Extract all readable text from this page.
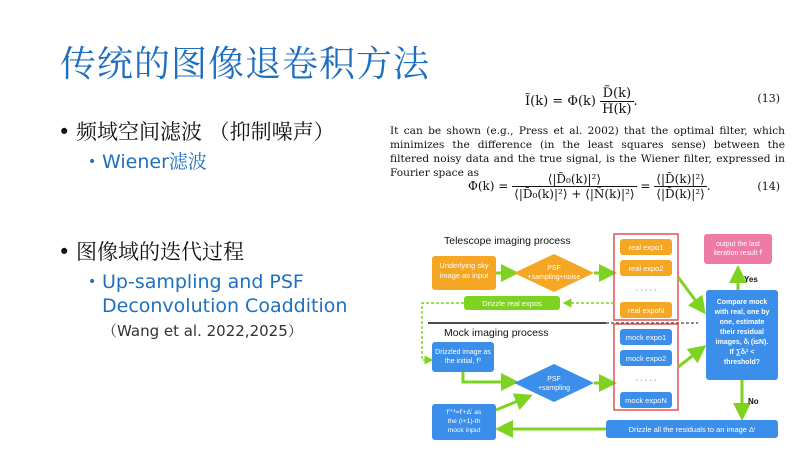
传统的图像退卷积方法
• 频域空间滤波 （抑制噪声）
• Wiener滤波
• 图像域的迭代过程
• Up-sampling and PSF Deconvolution Coaddition （Wang et al. 2022,2025）
Ĩ(k) = $\Phi(k) \frac{D̃(k)}{H̃(k)}$ .	(13)
It can be shown (e.g., Press et al. 2002) that the optimal filter, which minimizes the difference (in the least squares sense) between the filtered noisy data and the true signal, is the Wiener filter, expressed in Fourier space as
$\Phi(k) = \frac{\text{⟨|D̃₀(k)|²⟩}}{\text{⟨|D̃₀(k)|²⟩ + ⟨|Ñ(k)|²⟩}} = \frac{\text{⟨|D̃(k)|²⟩}}{\text{⟨|D̃(k)|²⟩}}$ .	(14)
Telescope imaging process
Mock imaging process
Underlying sky image as input
PSF +sampling+noise
real expo1
real expo2
· · · · ·
real expoN
Drizzle real expos
Drizzled image as the initial, f⁰
PSF +sampling
mock expo1
mock expo2
· · · · ·
mock expoN
output the last iteration result fⁱ
Yes
Compare mock with real, one by one, estimate their residual images, δᵢ (i≤N). If ∑δᵢ² < threshold?
No
Drizzle all the residuals to an image Δⁱ
fⁱ⁺¹=fⁱ+Δⁱ as the (i+1)-th mock input
